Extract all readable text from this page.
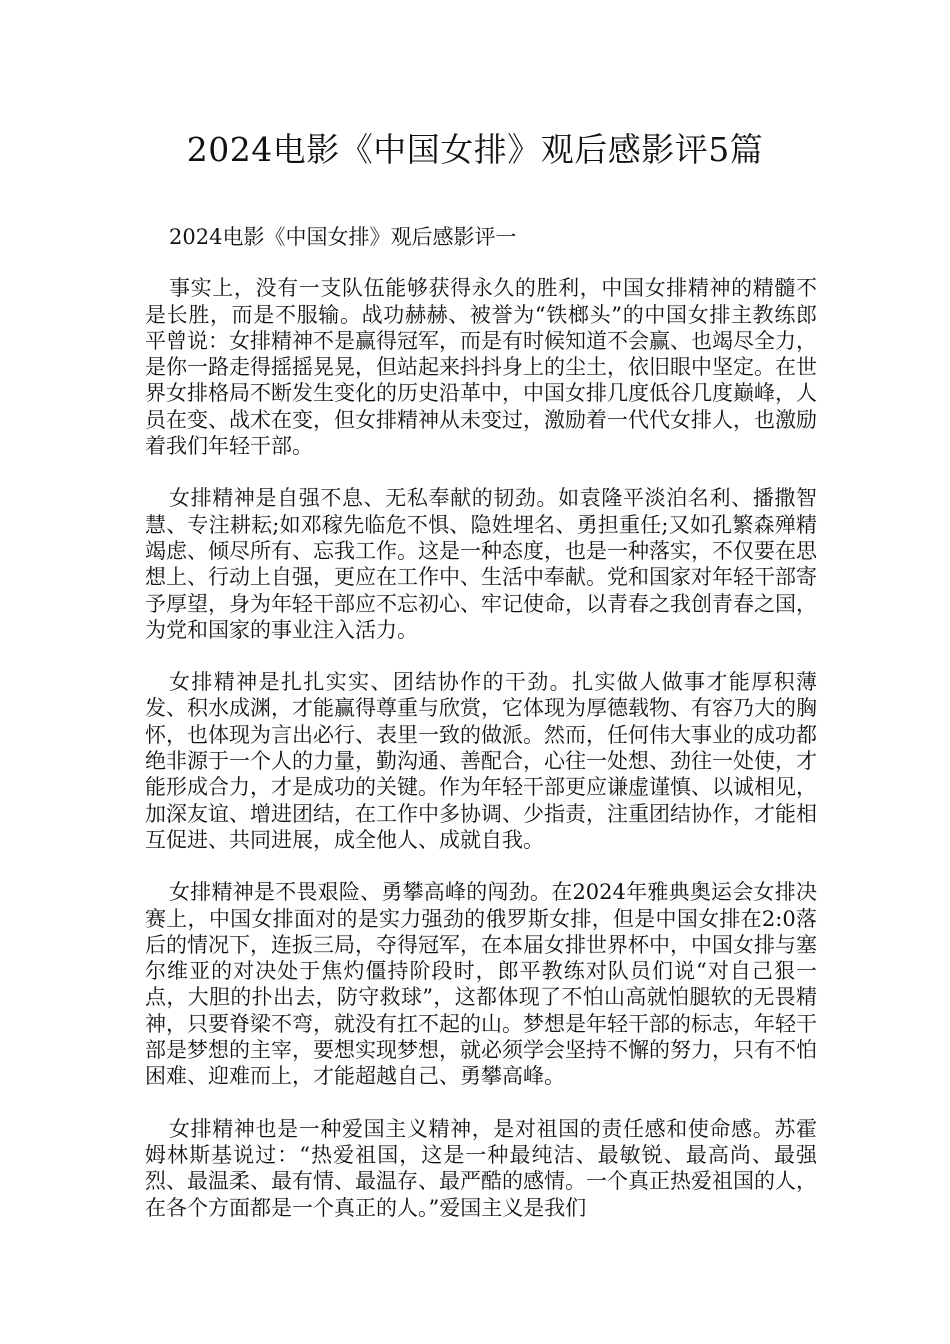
2024电影《中国女排》观后感影评5篇

2024电影《中国女排》观后感影评一

事实上，没有一支队伍能够获得永久的胜利，中国女排精神的精髓不是长胜，而是不服输。战功赫赫、被誉为“铁榔头”的中国女排主教练郎平曾说：女排精神不是赢得冠军，而是有时候知道不会赢、也竭尽全力，是你一路走得摇摇晃晃，但站起来抖抖身上的尘土，依旧眼中坚定。在世界女排格局不断发生变化的历史沿革中，中国女排几度低谷几度巅峰，人员在变、战术在变，但女排精神从未变过，激励着一代代女排人，也激励着我们年轻干部。

女排精神是自强不息、无私奉献的韧劲。如袁隆平淡泊名利、播撒智慧、专注耕耘;如邓稼先临危不惧、隐姓埋名、勇担重任;又如孔繁森殚精竭虑、倾尽所有、忘我工作。这是一种态度，也是一种落实，不仅要在思想上、行动上自强，更应在工作中、生活中奉献。党和国家对年轻干部寄予厚望，身为年轻干部应不忘初心、牢记使命，以青春之我创青春之国，为党和国家的事业注入活力。

女排精神是扎扎实实、团结协作的干劲。扎实做人做事才能厚积薄发、积水成渊，才能赢得尊重与欣赏，它体现为厚德载物、有容乃大的胸怀，也体现为言出必行、表里一致的做派。然而，任何伟大事业的成功都绝非源于一个人的力量，勤沟通、善配合，心往一处想、劲往一处使，才能形成合力，才是成功的关键。作为年轻干部更应谦虚谨慎、以诚相见，加深友谊、增进团结，在工作中多协调、少指责，注重团结协作，才能相互促进、共同进展，成全他人、成就自我。

女排精神是不畏艰险、勇攀高峰的闯劲。在2024年雅典奥运会女排决赛上，中国女排面对的是实力强劲的俄罗斯女排，但是中国女排在2:0落后的情况下，连扳三局，夺得冠军，在本届女排世界杯中，中国女排与塞尔维亚的对决处于焦灼僵持阶段时，郎平教练对队员们说“对自己狠一点，大胆的扑出去，防守救球”，这都体现了不怕山高就怕腿软的无畏精神，只要脊梁不弯，就没有扛不起的山。梦想是年轻干部的标志，年轻干部是梦想的主宰，要想实现梦想，就必须学会坚持不懈的努力，只有不怕困难、迎难而上，才能超越自己、勇攀高峰。

女排精神也是一种爱国主义精神，是对祖国的责任感和使命感。苏霍姆林斯基说过：“热爱祖国，这是一种最纯洁、最敏锐、最高尚、最强烈、最温柔、最有情、最温存、最严酷的感情。一个真正热爱祖国的人，在各个方面都是一个真正的人。”爱国主义是我们
